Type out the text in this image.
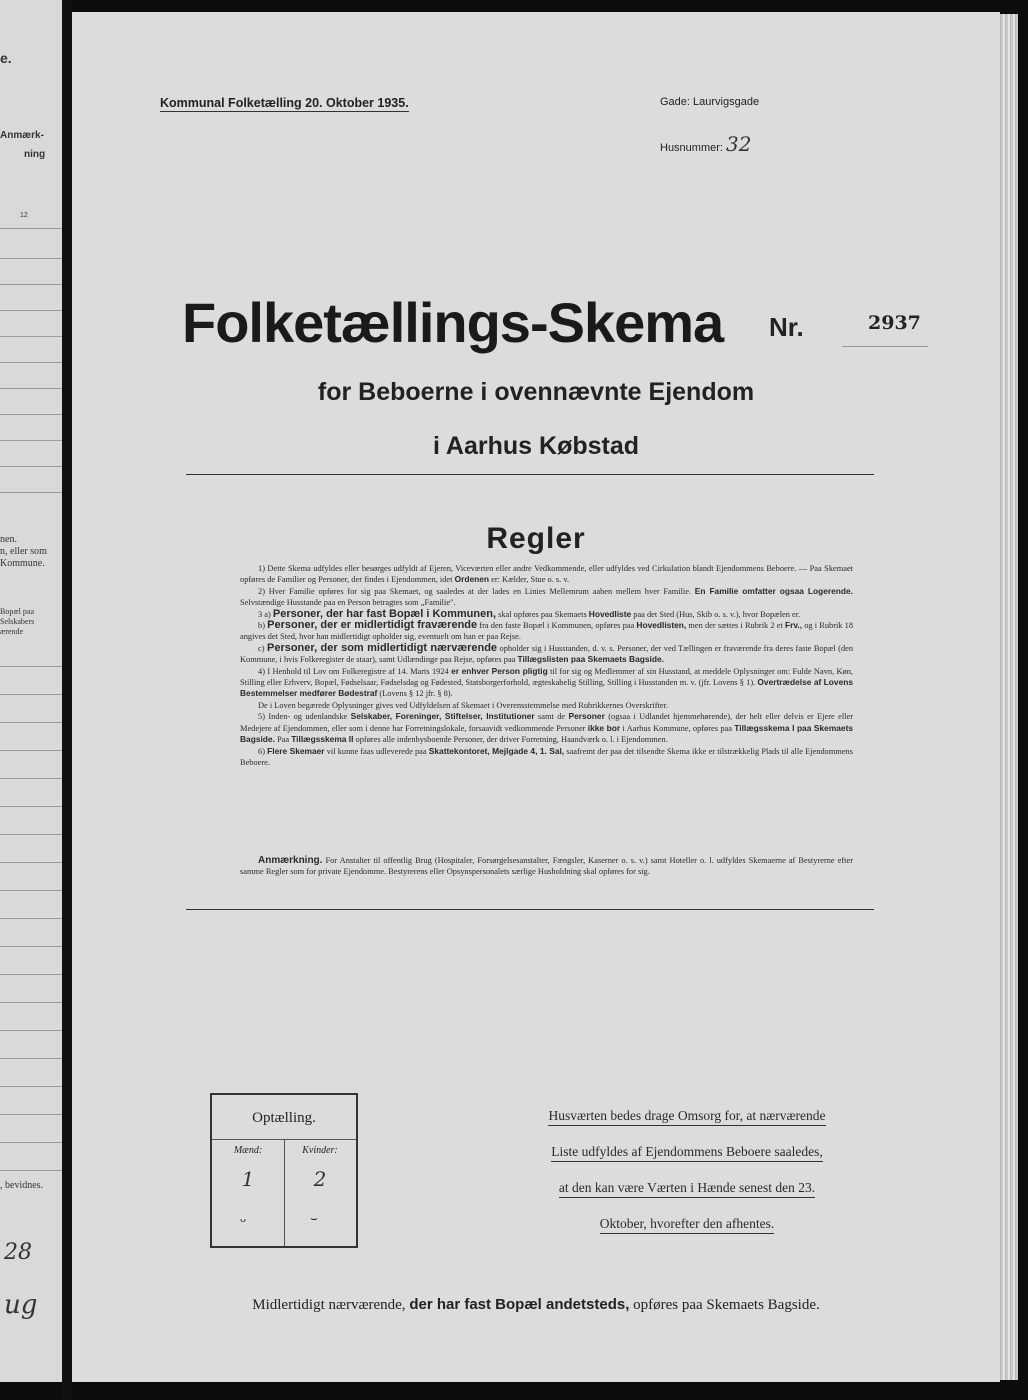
e.
Anmærk-
ning
12
nen.
n, eller som
Kommune.
Bopæl paa
Selskabers
ærende
, bevidnes.
28
ug
Kommunal Folketælling 20. Oktober 1935.	Gade: Laurvigsgade
Husnummer: 32
Folketællings-Skema Nr.	2937
for Beboerne i ovennævnte Ejendom
i Aarhus Købstad
Regler

1) Dette Skema udfyldes eller besørges udfyldt af Ejeren, Viceværten eller andre Vedkommende, eller udfyldes ved Cirkulation blandt Ejendommens Beboere. — Paa Skemaet opføres de Familier og Personer, der findes i Ejendommen, idet Ordenen er: Kælder, Stue o. s. v.

2) Hver Familie opføres for sig paa Skemaet, og saaledes at der lades en Linies Mellemrum aaben mellem hver Familie. En Familie omfatter ogsaa Logerende. Selvstændige Husstande paa en Person betragtes som „Familie".

3 a) Personer, der har fast Bopæl i Kommunen, skal opføres paa Skemaets Hovedliste paa det Sted (Hus, Skib o. s. v.), hvor Bopælen er.

b) Personer, der er midlertidigt fraværende fra den faste Bopæl i Kommunen, opføres paa Hovedlisten, men der sættes i Rubrik 2 et Frv., og i Rubrik 18 angives det Sted, hvor han midlertidigt opholder sig, eventuelt om han er paa Rejse.

c) Personer, der som midlertidigt nærværende opholder sig i Husstanden, d. v. s. Personer, der ved Tællingen er fraværende fra deres faste Bopæl (den Kommune, i hvis Folkeregister de staar), samt Udlændinge paa Rejse, opføres paa Tillægslisten paa Skemaets Bagside.

4) I Henhold til Lov om Folkeregistre af 14. Marts 1924 er enhver Person pligtig til for sig og Medlemmer af sin Husstand, at meddele Oplysninger om: Fulde Navn, Køn, Stilling eller Erhverv, Bopæl, Fødselsaar, Fødselsdag og Fødested, Statsborgerforhold, ægteskabelig Stilling, Stilling i Husstanden m. v. (jfr. Lovens § 1). Overtrædelse af Lovens Bestemmelser medfører Bødestraf (Lovens § 12 jfr. § 8).

De i Loven begærede Oplysninger gives ved Udfyldelsen af Skemaet i Overensstemmelse med Rubrikkernes Overskrifter.

5) Inden- og udenlandske Selskaber, Foreninger, Stiftelser, Institutioner samt de Personer (ogsaa i Udlandet hjemmehørende), der helt eller delvis er Ejere eller Medejere af Ejendommen, eller som i denne har Forretningslokale, forsaavidt vedkommende Personer ikke bor i Aarhus Kommune, opføres paa Tillægsskema I paa Skemaets Bagside. Paa Tillægsskema II opføres alle indenbysboende Personer, der driver Forretning, Haandværk o. l. i Ejendommen.

6) Flere Skemaer vil kunne faas udleverede paa Skattekontoret, Mejlgade 4, 1. Sal, saafremt der paa det tilsendte Skema ikke er tilstrækkelig Plads til alle Ejendommens Beboere.

Anmærkning. For Anstalter til offentlig Brug (Hospitaler, Forsørgelsesanstalter, Fængsler, Kaserner o. s. v.) samt Hoteller o. l. udfyldes Skemaerne af Bestyrerne efter samme Regler som for private Ejendomme. Bestyrerens eller Opsynspersonalets særlige Husholdning skal opføres for sig.

Optælling.
Mænd:	Kvinder:
1	2
ᴗ	⌣
Husværten bedes drage Omsorg for, at nærværende
Liste udfyldes af Ejendommens Beboere saaledes,
at den kan være Værten i Hænde senest den 23.
Oktober, hvorefter den afhentes.
Midlertidigt nærværende, der har fast Bopæl andetsteds, opføres paa Skemaets Bagside.
